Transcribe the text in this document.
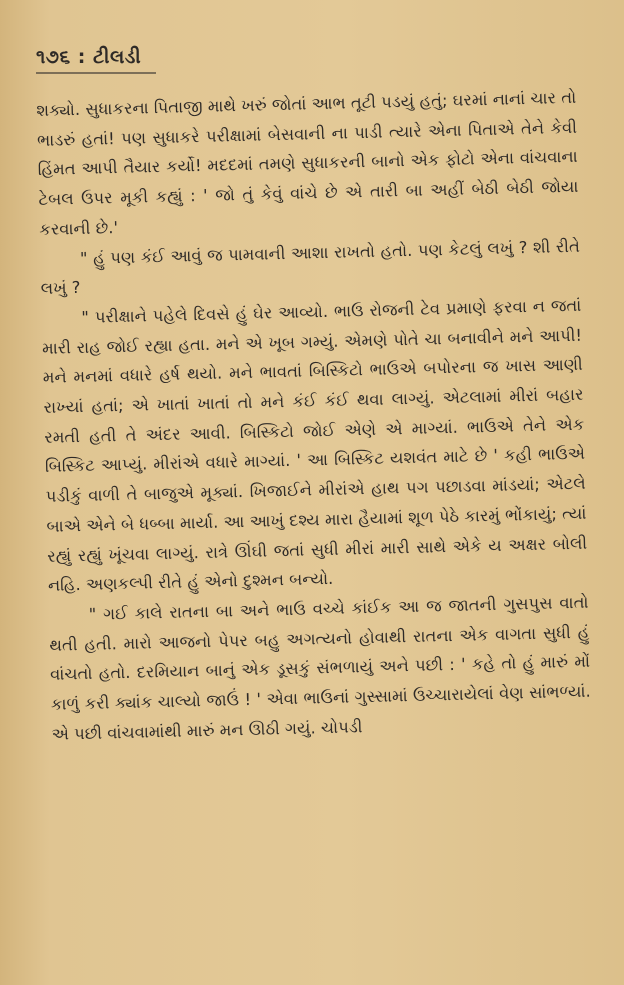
૧૭૬ : ટીલડી

શક્યો. સુધાકરના પિતાજી માથે ખરું જોતાં આભ તૂટી પડયું હતું; ઘરમાં નાનાં ચાર તો ભાડરું હતાં! પણ સુધાકરે પરીક્ષામાં બેસવાની ના પાડી ત્યારે એના પિતાએ તેને કેવી હિંમત આપી તૈયાર કર્યો! મદદમાં તમણે સુધાકરની બાનો એક ફોટો એના વાંચવાના ટેબલ ઉપર મૂકી કહ્યું : ' જો તું કેવું વાંચે છે એ તારી બા અહીં બેઠી બેઠી જોયા કરવાની છે.'

" હું પણ કંઈ આવું જ પામવાની આશા રાખતો હતો. પણ કેટલું લખું ? શી રીતે લખું ?

" પરીક્ષાને પહેલે દિવસે હું ઘેર આવ્યો. ભાઉ રોજની ટેવ પ્રમાણે ફરવા ન જતાં મારી રાહ જોઈ રહ્યા હતા. મને એ ખૂબ ગમ્યું. એમણે પોતે ચા બનાવીને મને આપી! મને મનમાં વધારે હર્ષ થયો. મને ભાવતાં બિસ્કિટો ભાઉએ બપોરના જ ખાસ આણી રાખ્યાં હતાં; એ ખાતાં ખાતાં તો મને કંઈ કંઈ થવા લાગ્યું. એટલામાં મીરાં બહાર રમતી હતી તે અંદર આવી. બિસ્કિટો જોઈ એણે એ માગ્યાં. ભાઉએ તેને એક બિસ્કિટ આપ્યું. મીરાંએ વધારે માગ્યાં. ' આ બિસ્કિટ યશવંત માટે છે ' કહી ભાઉએ પડીકું વાળી તે બાજુએ મૂક્યાં. ખિજાઈને મીરાંએ હાથ પગ પછાડવા માંડયાં; એટલે બાએ એને બે ધબ્બા માર્યા. આ આખું દશ્ય મારા હૈયામાં શૂળ પેઠે કારમું ભોંકાયું; ત્યાં રહ્યું રહ્યું ખૂંચવા લાગ્યું. રાત્રે ઊંઘી જતાં સુધી મીરાં મારી સાથે એકે ય અક્ષર બોલી નહિ. અણકલ્પી રીતે હું એનો દુશ્મન બન્યો.

" ગઈ કાલે રાતના બા અને ભાઉ વચ્ચે કાંઈક આ જ જાતની ગુસપુસ વાતો થતી હતી. મારો આજનો પેપર બહુ અગત્યનો હોવાથી રાતના એક વાગતા સુધી હું વાંચતો હતો. દરમિયાન બાનું એક ડૂસકું સંભળાયું અને પછી : ' કહે તો હું મારું મોં કાળું કરી ક્યાંક ચાલ્યો જાઉં ! ' એવા ભાઉનાં ગુસ્સામાં ઉચ્ચારાયેલાં વેણ સાંભળ્યાં. એ પછી વાંચવામાંથી મારું મન ઊઠી ગયું. ચોપડી
